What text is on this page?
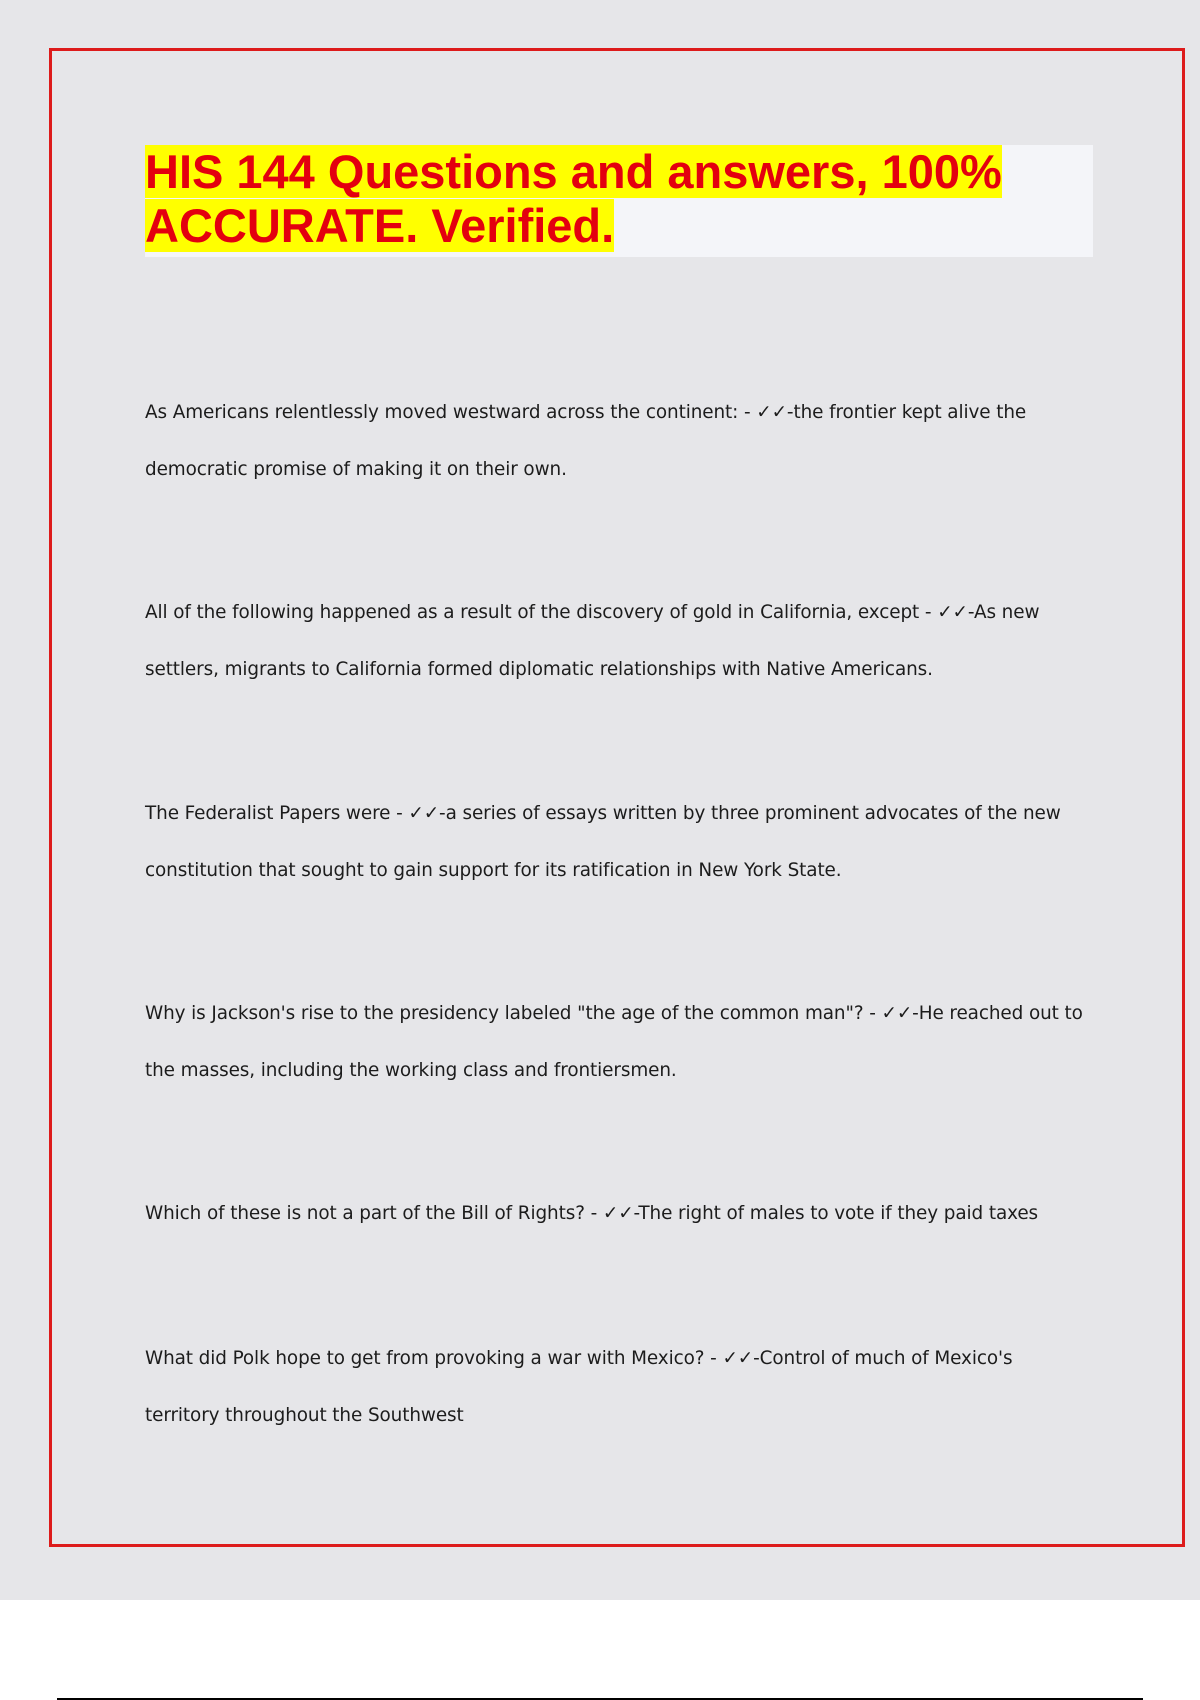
HIS 144 Questions and answers, 100% ACCURATE. Verified.

As Americans relentlessly moved westward across the continent: - ✓✓-the frontier kept alive the democratic promise of making it on their own.

All of the following happened as a result of the discovery of gold in California, except - ✓✓-As new settlers, migrants to California formed diplomatic relationships with Native Americans.

The Federalist Papers were - ✓✓-a series of essays written by three prominent advocates of the new constitution that sought to gain support for its ratification in New York State.

Why is Jackson's rise to the presidency labeled "the age of the common man"? - ✓✓-He reached out to the masses, including the working class and frontiersmen.

Which of these is not a part of the Bill of Rights? - ✓✓-The right of males to vote if they paid taxes

What did Polk hope to get from provoking a war with Mexico? - ✓✓-Control of much of Mexico's territory throughout the Southwest
